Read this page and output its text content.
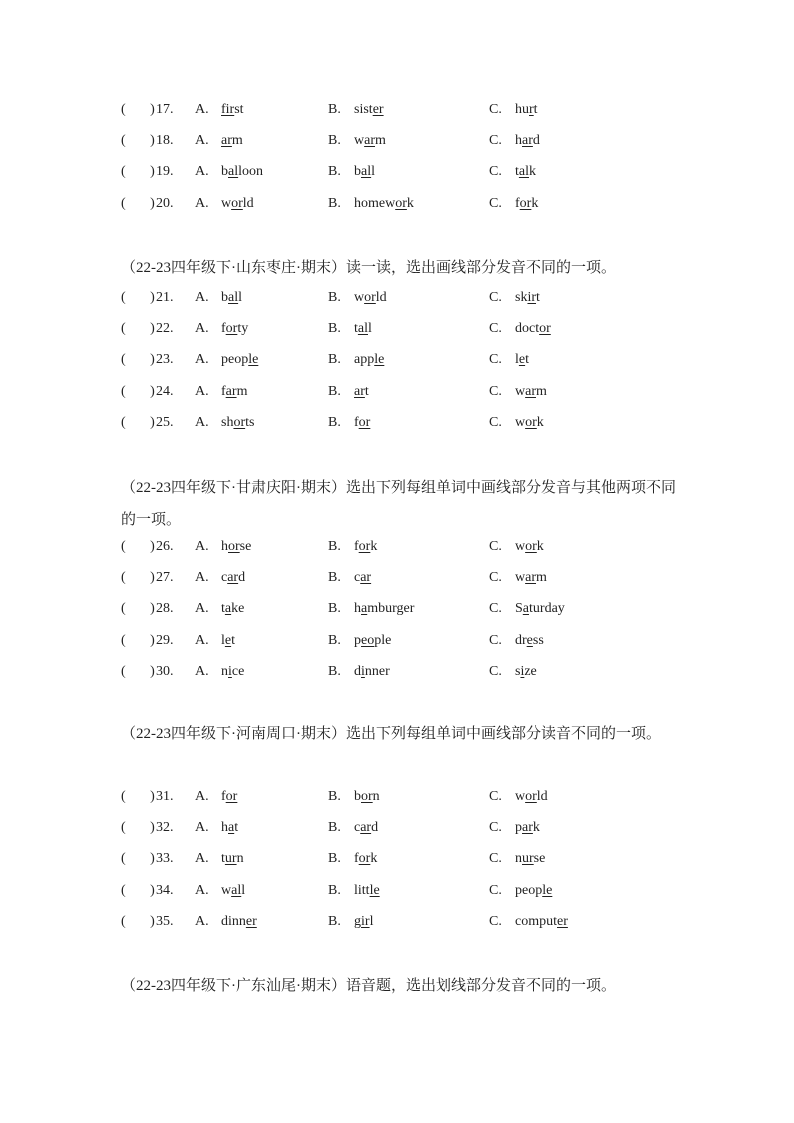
(       ) 17. A. first	B. sister	C. hurt
(       ) 18. A. arm	B. warm	C. hard
(       ) 19. A. balloon	B. ball	C. talk
(       ) 20. A. world	B. homework	C. fork
（22-23四年级下·山东枣庄·期末）读一读，选出画线部分发音不同的一项。
(       ) 21. A. ball	B. world	C. skirt
(       ) 22. A. forty	B. tall	C. doctor
(       ) 23. A. people	B. apple	C. let
(       ) 24. A. farm	B. art	C. warm
(       ) 25. A. shorts	B. for	C. work
（22-23四年级下·甘肃庆阳·期末）选出下列每组单词中画线部分发音与其他两项不同的一项。
(       ) 26. A. horse	B. fork	C. work
(       ) 27. A. card	B. car	C. warm
(       ) 28. A. take	B. hamburger	C. Saturday
(       ) 29. A. let	B. people	C. dress
(       ) 30. A. nice	B. dinner	C. size
（22-23四年级下·河南周口·期末）选出下列每组单词中画线部分读音不同的一项。
(       ) 31. A. for	B. born	C. world
(       ) 32. A. hat	B. card	C. park
(       ) 33. A. turn	B. fork	C. nurse
(       ) 34. A. wall	B. little	C. people
(       ) 35. A. dinner	B. girl	C. computer
（22-23四年级下·广东汕尾·期末）语音题，选出划线部分发音不同的一项。
